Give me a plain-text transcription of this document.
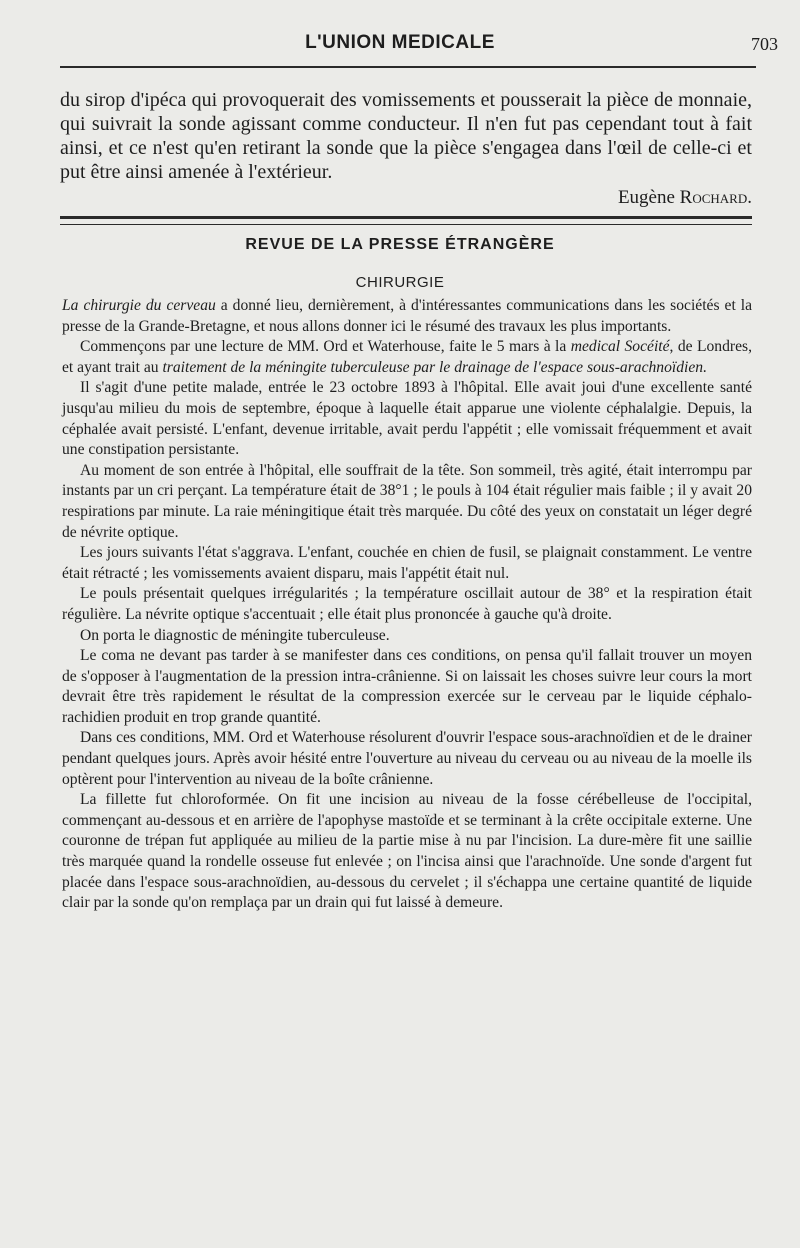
L'UNION MEDICALE	703
du sirop d'ipéca qui provoquerait des vomissements et pousserait la pièce de monnaie, qui suivrait la sonde agissant comme conducteur. Il n'en fut pas cependant tout à fait ainsi, et ce n'est qu'en retirant la sonde que la pièce s'engagea dans l'œil de celle-ci et put être ainsi amenée à l'extérieur.
Eugène Rochard.
REVUE DE LA PRESSE ÉTRANGÈRE
CHIRURGIE

La chirurgie du cerveau a donné lieu, dernièrement, à d'intéressantes communications dans les sociétés et la presse de la Grande-Bretagne, et nous allons donner ici le résumé des travaux les plus importants.

Commençons par une lecture de MM. Ord et Waterhouse, faite le 5 mars à la medical Socéité, de Londres, et ayant trait au traitement de la méningite tuberculeuse par le drainage de l'espace sous-arachnoïdien.

Il s'agit d'une petite malade, entrée le 23 octobre 1893 à l'hôpital. Elle avait joui d'une excellente santé jusqu'au milieu du mois de septembre, époque à laquelle était apparue une violente céphalalgie. Depuis, la céphalée avait persisté. L'enfant, devenue irritable, avait perdu l'appétit ; elle vomissait fréquemment et avait une constipation persistante.

Au moment de son entrée à l'hôpital, elle souffrait de la tête. Son sommeil, très agité, était interrompu par instants par un cri perçant. La température était de 38°1 ; le pouls à 104 était régulier mais faible ; il y avait 20 respirations par minute. La raie méningitique était très marquée. Du côté des yeux on constatait un léger degré de névrite optique.

Les jours suivants l'état s'aggrava. L'enfant, couchée en chien de fusil, se plaignait constamment. Le ventre était rétracté ; les vomissements avaient disparu, mais l'appétit était nul.

Le pouls présentait quelques irrégularités ; la température oscillait autour de 38° et la respiration était régulière. La névrite optique s'accentuait ; elle était plus prononcée à gauche qu'à droite.

On porta le diagnostic de méningite tuberculeuse.

Le coma ne devant pas tarder à se manifester dans ces conditions, on pensa qu'il fallait trouver un moyen de s'opposer à l'augmentation de la pression intra-crânienne. Si on laissait les choses suivre leur cours la mort devrait être très rapidement le résultat de la compression exercée sur le cerveau par le liquide céphalo-rachidien produit en trop grande quantité.

Dans ces conditions, MM. Ord et Waterhouse résolurent d'ouvrir l'espace sous-arachnoïdien et de le drainer pendant quelques jours. Après avoir hésité entre l'ouverture au niveau du cerveau ou au niveau de la moelle ils optèrent pour l'intervention au niveau de la boîte crânienne.

La fillette fut chloroformée. On fit une incision au niveau de la fosse cérébelleuse de l'occipital, commençant au-dessous et en arrière de l'apophyse mastoïde et se terminant à la crête occipitale externe. Une couronne de trépan fut appliquée au milieu de la partie mise à nu par l'incision. La dure-mère fit une saillie très marquée quand la rondelle osseuse fut enlevée ; on l'incisa ainsi que l'arachnoïde. Une sonde d'argent fut placée dans l'espace sous-arachnoïdien, au-dessous du cervelet ; il s'échappa une certaine quantité de liquide clair par la sonde qu'on remplaça par un drain qui fut laissé à demeure.
